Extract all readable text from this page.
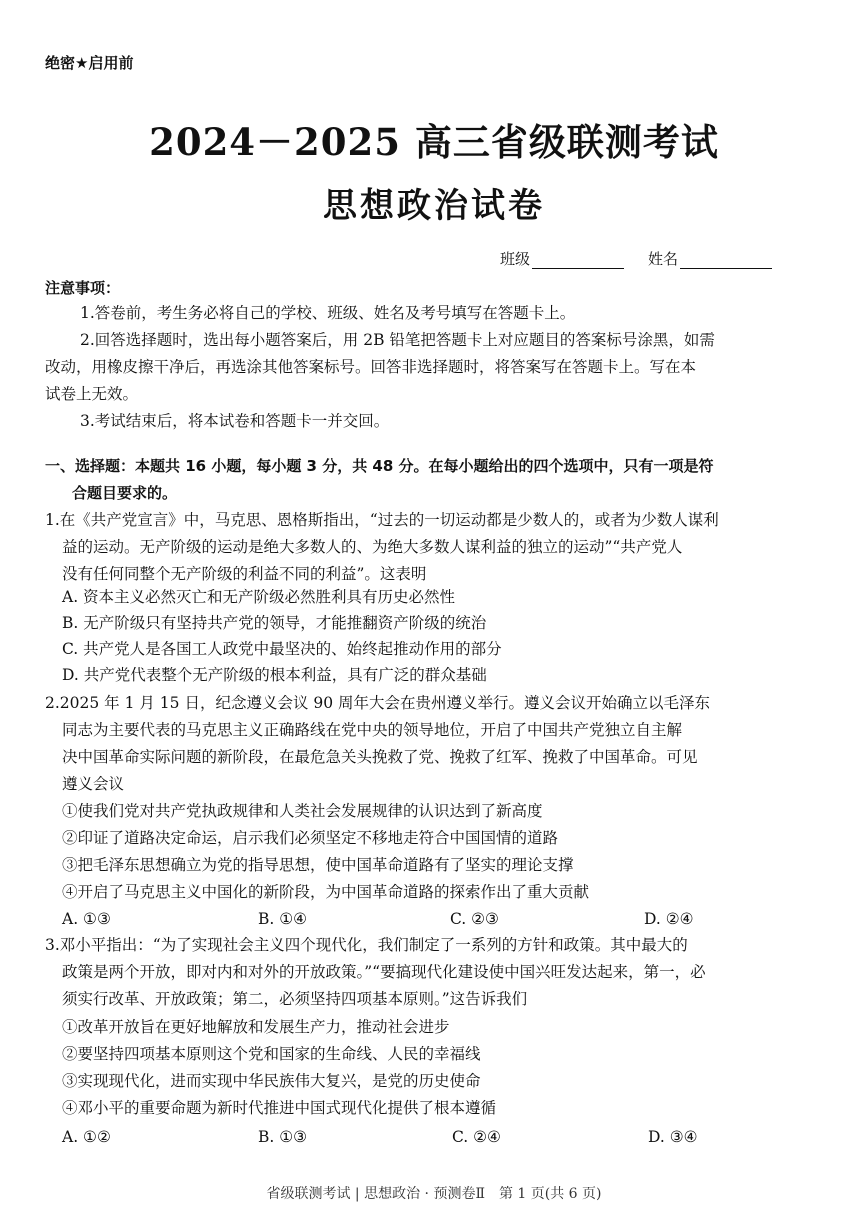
绝密★启用前
2024－2025 高三省级联测考试
思想政治试卷
班级	姓名
注意事项：
1.答卷前，考生务必将自己的学校、班级、姓名及考号填写在答题卡上。
2.回答选择题时，选出每小题答案后，用 2B 铅笔把答题卡上对应题目的答案标号涂黑，如需
改动，用橡皮擦干净后，再选涂其他答案标号。回答非选择题时，将答案写在答题卡上。写在本
试卷上无效。
3.考试结束后，将本试卷和答题卡一并交回。
一、选择题：本题共 16 小题，每小题 3 分，共 48 分。在每小题给出的四个选项中，只有一项是符
合题目要求的。
1.在《共产党宣言》中，马克思、恩格斯指出，“过去的一切运动都是少数人的，或者为少数人谋利
益的运动。无产阶级的运动是绝大多数人的、为绝大多数人谋利益的独立的运动”“共产党人
没有任何同整个无产阶级的利益不同的利益”。这表明
A. 资本主义必然灭亡和无产阶级必然胜利具有历史必然性
B. 无产阶级只有坚持共产党的领导，才能推翻资产阶级的统治
C. 共产党人是各国工人政党中最坚决的、始终起推动作用的部分
D. 共产党代表整个无产阶级的根本利益，具有广泛的群众基础
2.2025 年 1 月 15 日，纪念遵义会议 90 周年大会在贵州遵义举行。遵义会议开始确立以毛泽东
同志为主要代表的马克思主义正确路线在党中央的领导地位，开启了中国共产党独立自主解
决中国革命实际问题的新阶段，在最危急关头挽救了党、挽救了红军、挽救了中国革命。可见
遵义会议
①使我们党对共产党执政规律和人类社会发展规律的认识达到了新高度
②印证了道路决定命运，启示我们必须坚定不移地走符合中国国情的道路
③把毛泽东思想确立为党的指导思想，使中国革命道路有了坚实的理论支撑
④开启了马克思主义中国化的新阶段，为中国革命道路的探索作出了重大贡献
A. ①③	B. ①④	C. ②③	D. ②④
3.邓小平指出：“为了实现社会主义四个现代化，我们制定了一系列的方针和政策。其中最大的
政策是两个开放，即对内和对外的开放政策。”“要搞现代化建设使中国兴旺发达起来，第一，必
须实行改革、开放政策；第二，必须坚持四项基本原则。”这告诉我们
①改革开放旨在更好地解放和发展生产力，推动社会进步
②要坚持四项基本原则这个党和国家的生命线、人民的幸福线
③实现现代化，进而实现中华民族伟大复兴，是党的历史使命
④邓小平的重要命题为新时代推进中国式现代化提供了根本遵循
A. ①②	B. ①③	C. ②④	D. ③④
省级联测考试 | 思想政治 · 预测卷Ⅱ　第 1 页(共 6 页)
